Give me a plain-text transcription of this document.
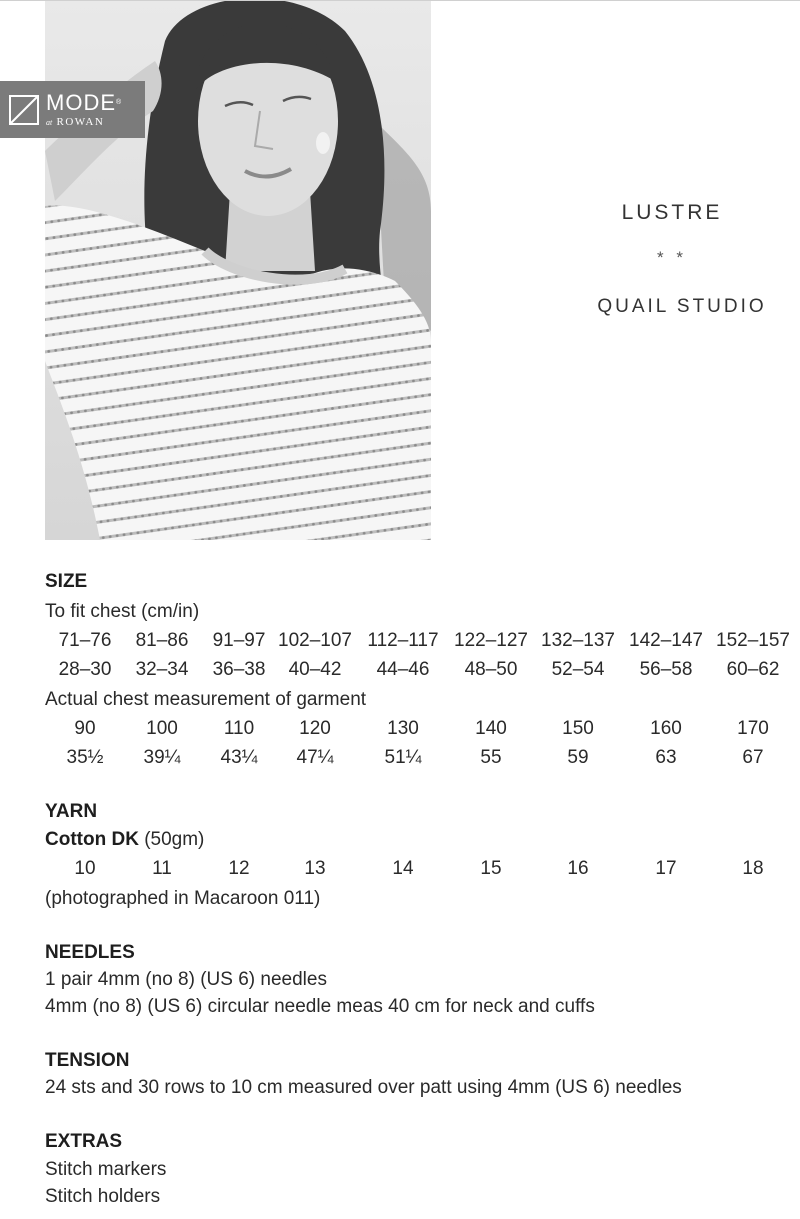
MODE®
at ROWAN
LUSTRE
* *
QUAIL STUDIO
SIZE
To fit chest (cm/in)
71–76	81–86	91–97 102–107 112–117 122–127 132–137 142–147 152–157
28–30	32–34	36–38	40–42	44–46	48–50	52–54	56–58	60–62
Actual chest measurement of garment
90	100	110	120	130	140	150	160	170
35½	39¼	43¼	47¼	51¼	55	59	63	67
YARN
Cotton DK (50gm)
10	11	12	13	14	15	16	17	18
(photographed in Macaroon 011)
NEEDLES
1 pair 4mm (no 8) (US 6) needles
4mm (no 8) (US 6) circular needle meas 40 cm for neck and cuffs
TENSION
24 sts and 30 rows to 10 cm measured over patt using 4mm (US 6) needles
EXTRAS
Stitch markers
Stitch holders
